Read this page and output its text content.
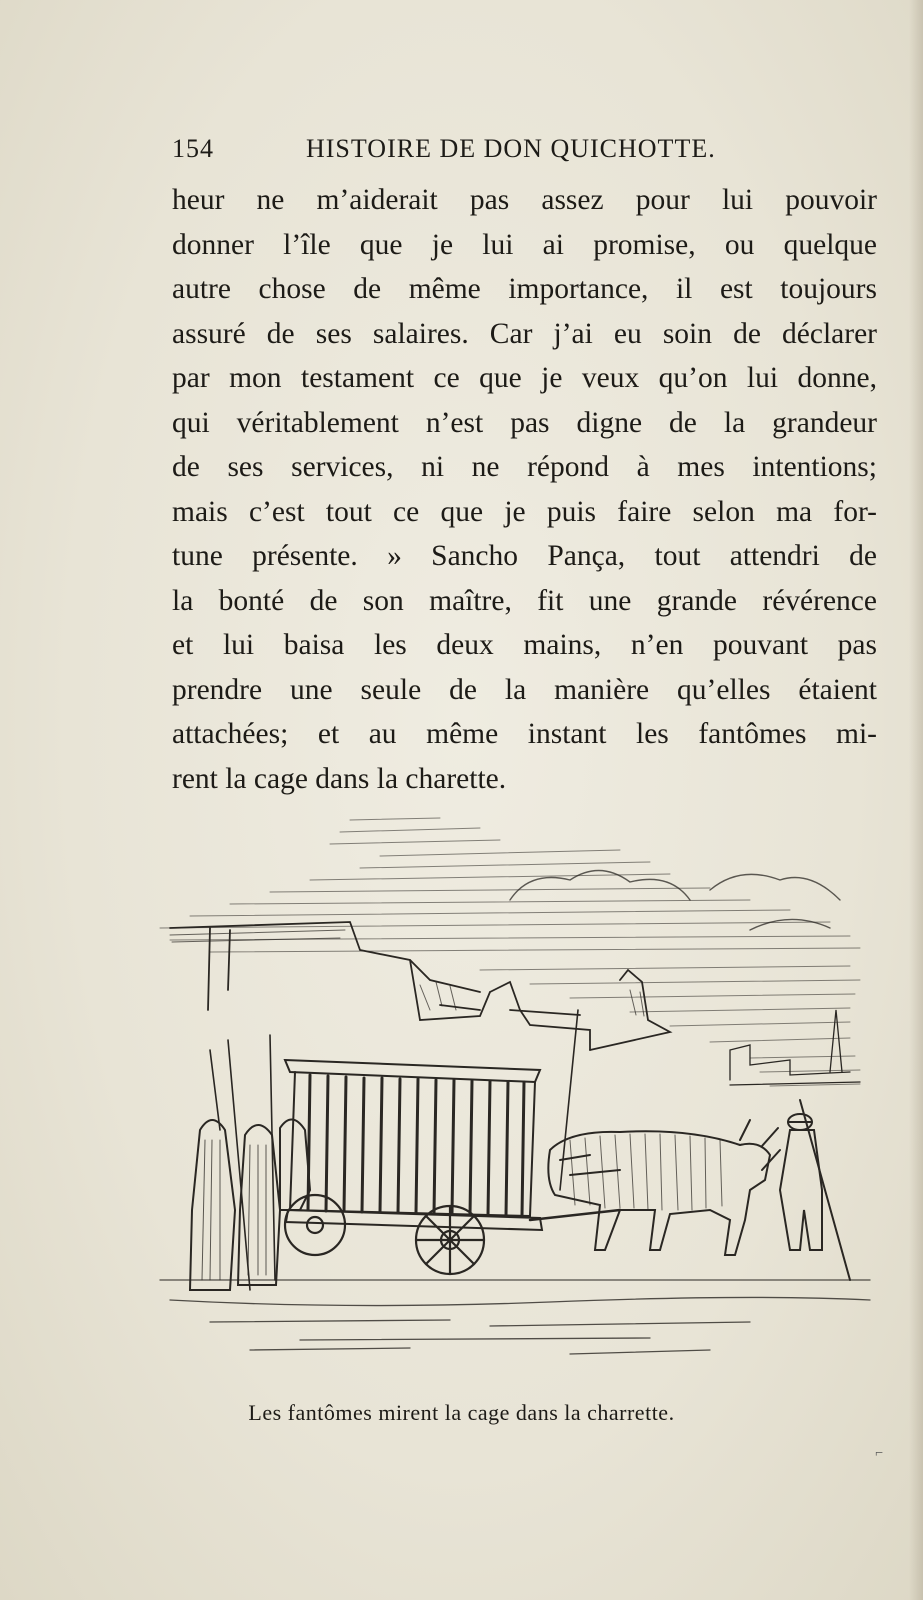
154	HISTOIRE DE DON QUICHOTTE.
heur ne m’aiderait pas assez pour lui pouvoir
donner l’île que je lui ai promise, ou quelque
autre chose de même importance, il est toujours
assuré de ses salaires. Car j’ai eu soin de déclarer
par mon testament ce que je veux qu’on lui donne,
qui véritablement n’est pas digne de la grandeur
de ses services, ni ne répond à mes intentions;
mais c’est tout ce que je puis faire selon ma for-
tune présente. » Sancho Pança, tout attendri de
la bonté de son maître, fit une grande révérence
et lui baisa les deux mains, n’en pouvant pas
prendre une seule de la manière qu’elles étaient
attachées; et au même instant les fantômes mi-
rent la cage dans la charette.
Les fantômes mirent la cage dans la charrette.
⌐
